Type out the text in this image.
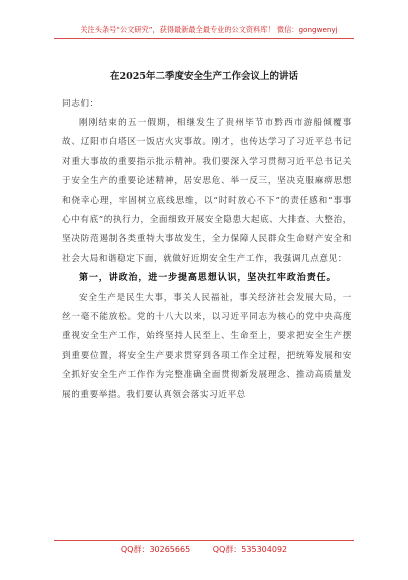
关注头条号“公文研究”，获得最新最全最专业的公文资料库！ 微信：gongwenyj
在2025年二季度安全生产工作会议上的讲话

同志们：

刚刚结束的五一假期，相继发生了贵州毕节市黔西市游船倾覆事故、辽阳市白塔区一饭店火灾事故。刚才，也传达学习了习近平总书记对重大事故的重要指示批示精神。我们要深入学习贯彻习近平总书记关于安全生产的重要论述精神，居安思危、举一反三，坚决克服麻痹思想和侥幸心理，牢固树立底线思维，以“时时放心不下”的责任感和“事事心中有底”的执行力，全面细致开展安全隐患大起底、大排查、大整治，坚决防范遏制各类重特大事故发生，全力保障人民群众生命财产安全和社会大局和谐稳定下面，就做好近期安全生产工作，我强调几点意见：

第一，讲政治，进一步提高思想认识，坚决扛牢政治责任。

安全生产是民生大事，事关人民福祉，事关经济社会发展大局，一丝一毫不能放松。党的十八大以来，以习近平同志为核心的党中央高度重视安全生产工作，始终坚持人民至上、生命至上，要求把安全生产摆到重要位置，将安全生产要求贯穿到各项工作全过程，把统筹发展和安全抓好安全生产工作作为完整准确全面贯彻新发展理念、推动高质量发展的重要举措。我们要认真领会落实习近平总

QQ群：30265665	QQ群：535304092
